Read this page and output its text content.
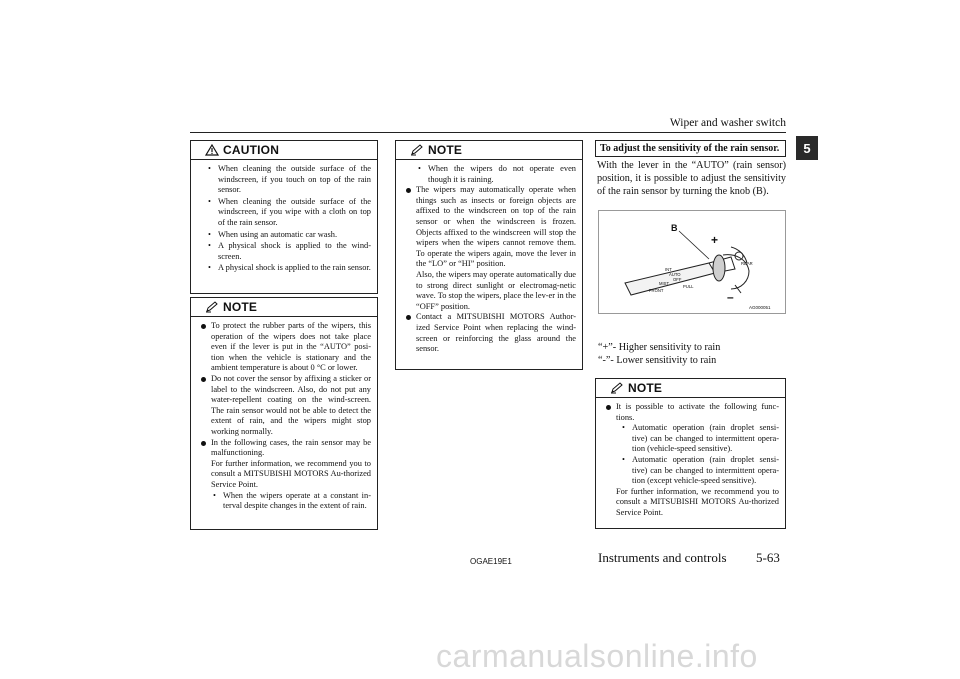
Wiper and washer switch
5
CAUTION
• When cleaning the outside surface of the windscreen, if you touch on top of the rain sensor.
• When cleaning the outside surface of the windscreen, if you wipe with a cloth on top of the rain sensor.
• When using an automatic car wash.
• A physical shock is applied to the wind-screen.
• A physical shock is applied to the rain sensor.
NOTE
To protect the rubber parts of the wipers, this operation of the wipers does not take place even if the lever is put in the “AUTO” posi-tion when the vehicle is stationary and the ambient temperature is about 0 °C or lower.
Do not cover the sensor by affixing a sticker or label to the windscreen. Also, do not put any water-repellent coating on the wind-screen. The rain sensor would not be able to detect the extent of rain, and the wipers might stop working normally.
In the following cases, the rain sensor may be malfunctioning.
For further information, we recommend you to consult a MITSUBISHI MOTORS Au-thorized Service Point.
• When the wipers operate at a constant in-terval despite changes in the extent of rain.
NOTE
• When the wipers do not operate even though it is raining.
The wipers may automatically operate when things such as insects or foreign objects are affixed to the windscreen on top of the rain sensor or when the windscreen is frozen. Objects affixed to the windscreen will stop the wipers when the wipers cannot remove them. To operate the wipers again, move the lever in the “LO” or “HI” position.
Also, the wipers may operate automatically due to strong direct sunlight or electromag-netic wave. To stop the wipers, place the lev-er in the “OFF” position.
Contact a MITSUBISHI MOTORS Author-ized Service Point when replacing the wind-screen or reinforcing the glass around the sensor.
To adjust the sensitivity of the rain sensor.
With the lever in the “AUTO” (rain sensor) position, it is possible to adjust the sensitivity of the rain sensor by turning the knob (B).
B
+
–
INT
AUTO
OFF
MIST
FRONT
PULL
REAR
AG000051
“+”- Higher sensitivity to rain
“-”- Lower sensitivity to rain
NOTE
It is possible to activate the following func-tions.
• Automatic operation (rain droplet sensi-tive) can be changed to intermittent opera-tion (vehicle-speed sensitive).
• Automatic operation (rain droplet sensi-tive) can be changed to intermittent opera-tion (except vehicle-speed sensitive).
For further information, we recommend you to consult a MITSUBISHI MOTORS Au-thorized Service Point.
OGAE19E1	Instruments and controls 5-63
carmanualsonline.info
